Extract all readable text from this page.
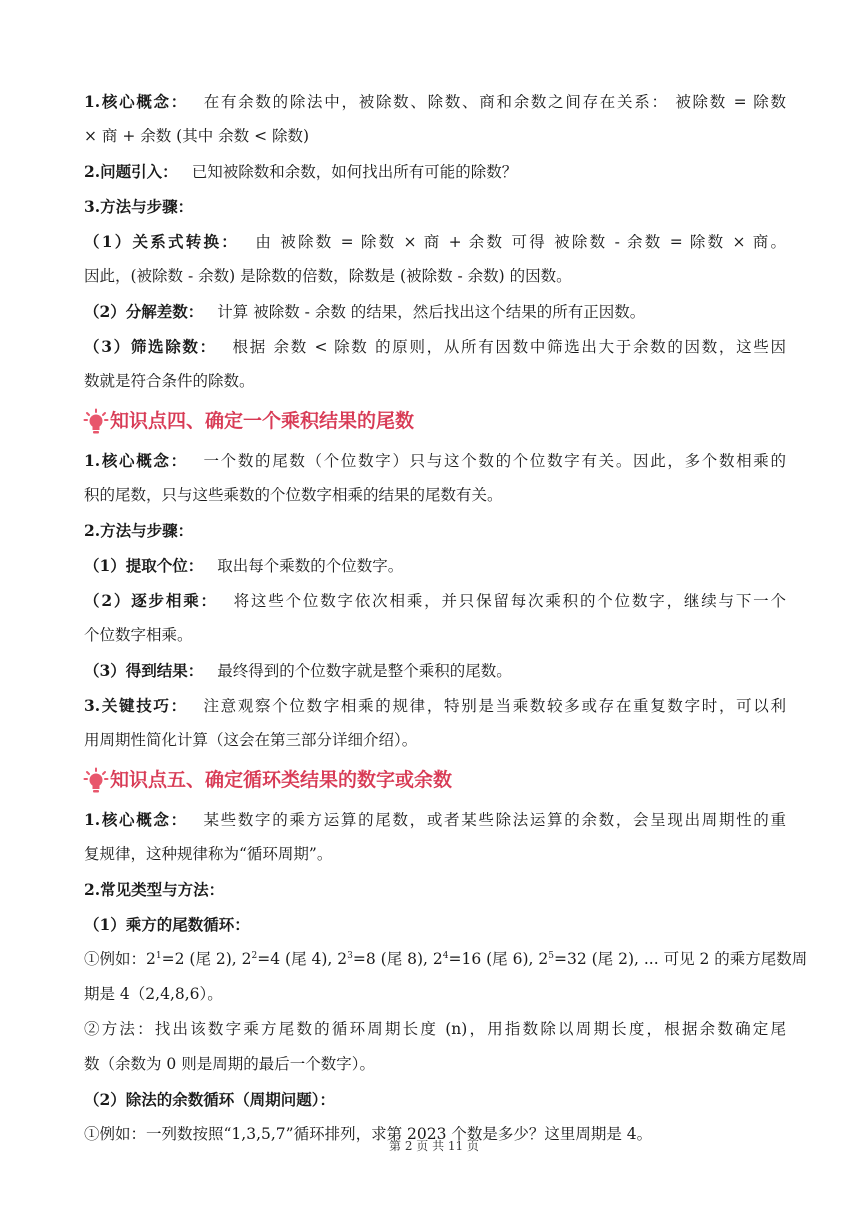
1.核心概念： 在有余数的除法中，被除数、除数、商和余数之间存在关系： 被除数 = 除数
× 商 + 余数 (其中 余数 < 除数)
2.问题引入： 已知被除数和余数，如何找出所有可能的除数？
3.方法与步骤：
（1）关系式转换： 由 被除数 = 除数 × 商 + 余数 可得 被除数 - 余数 = 除数 × 商。
因此，(被除数 - 余数) 是除数的倍数，除数是 (被除数 - 余数) 的因数。
（2）分解差数： 计算 被除数 - 余数 的结果，然后找出这个结果的所有正因数。
（3）筛选除数： 根据 余数 < 除数 的原则，从所有因数中筛选出大于余数的因数，这些因
数就是符合条件的除数。
知识点四、确定一个乘积结果的尾数
1.核心概念： 一个数的尾数（个位数字）只与这个数的个位数字有关。因此，多个数相乘的
积的尾数，只与这些乘数的个位数字相乘的结果的尾数有关。
2.方法与步骤：
（1）提取个位： 取出每个乘数的个位数字。
（2）逐步相乘： 将这些个位数字依次相乘，并只保留每次乘积的个位数字，继续与下一个
个位数字相乘。
（3）得到结果： 最终得到的个位数字就是整个乘积的尾数。
3.关键技巧： 注意观察个位数字相乘的规律，特别是当乘数较多或存在重复数字时，可以利
用周期性简化计算（这会在第三部分详细介绍）。
知识点五、确定循环类结果的数字或余数
1.核心概念： 某些数字的乘方运算的尾数，或者某些除法运算的余数，会呈现出周期性的重
复规律，这种规律称为“循环周期”。
2.常见类型与方法：
（1）乘方的尾数循环：
①例如：$2^1=2$ (尾 2), $2^2=4$ (尾 4), $2^3=8$ (尾 8), $2^4=16$ (尾 6), $2^5=32$ (尾 2), ... 可见 2 的乘方尾数周
期是 4（2,4,8,6）。
②方法：找出该数字乘方尾数的循环周期长度 (n)，用指数除以周期长度，根据余数确定尾
数（余数为 0 则是周期的最后一个数字）。
（2）除法的余数循环（周期问题）：
①例如：一列数按照“1,3,5,7”循环排列，求第 2023 个数是多少？这里周期是 4。
第 2 页 共 11 页
